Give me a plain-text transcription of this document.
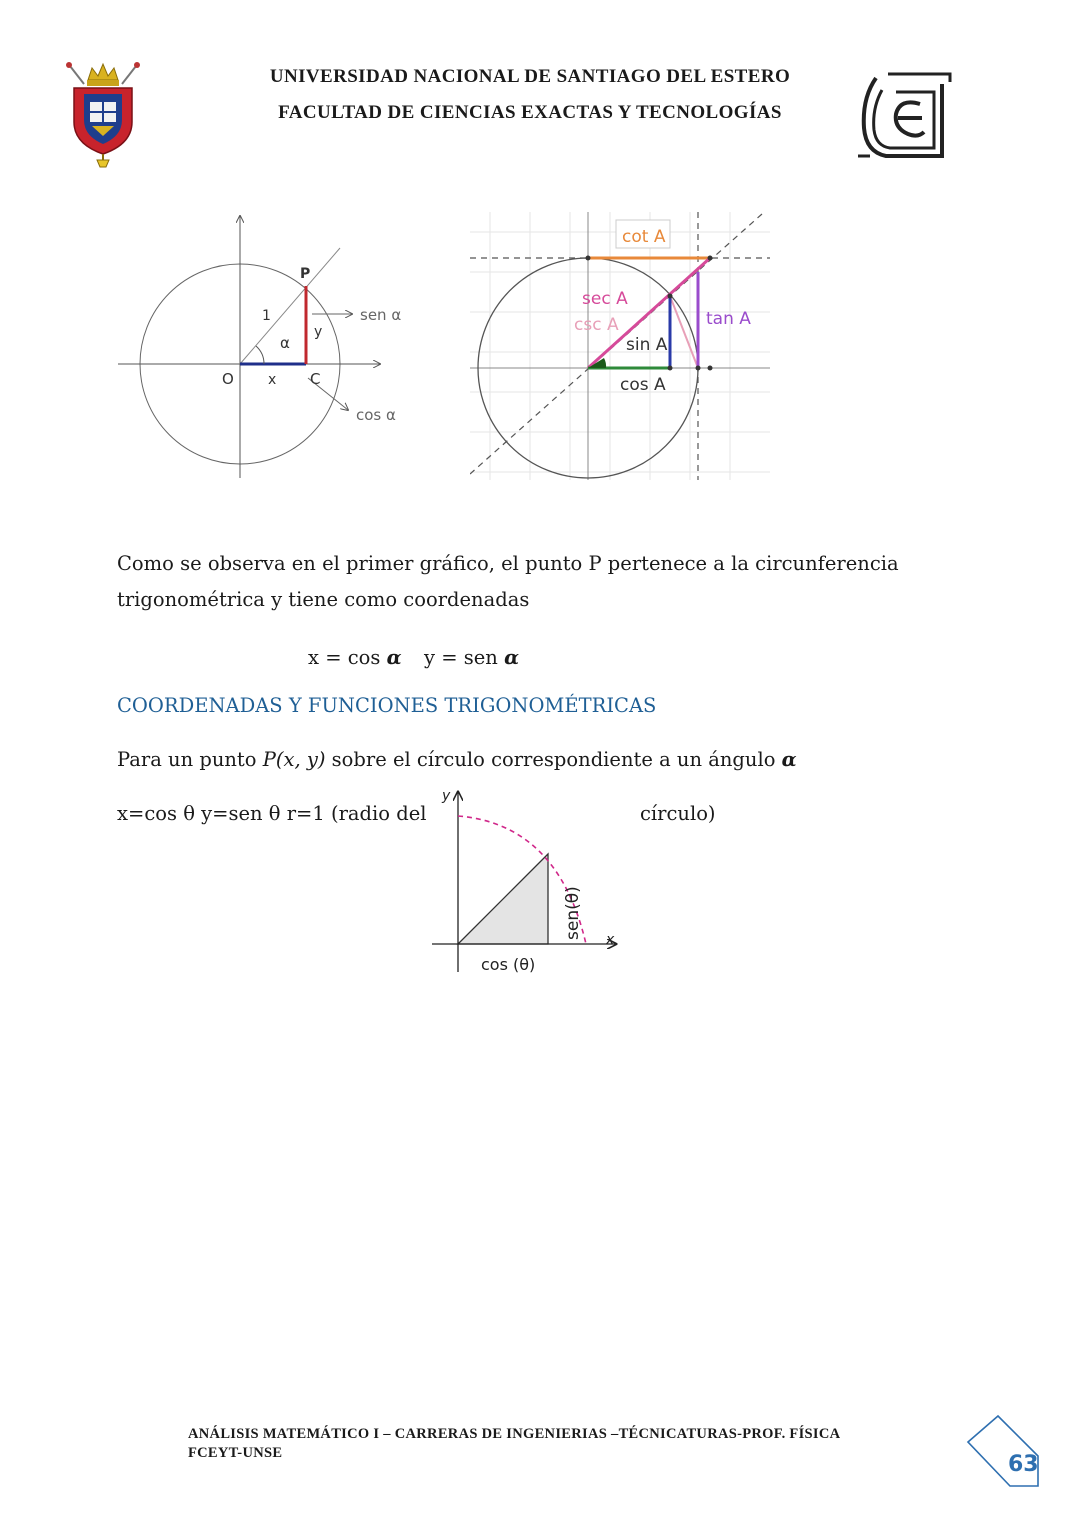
UNIVERSIDAD NACIONAL DE SANTIAGO DEL ESTERO
FACULTAD DE CIENCIAS EXACTAS Y TECNOLOGÍAS
P
1
α
y
O x C
sen α
cos α
cot A
sec A
csc A	tan A
sin A
cos A
Como se observa en el primer gráfico, el punto P pertenece a la circunferencia trigonométrica y tiene como coordenadas
x = cos α y = sen α
COORDENADAS Y FUNCIONES TRIGONOMÉTRICAS
Para un punto P(x, y) sobre el círculo correspondiente a un ángulo α
x=cos θ y=sen θ r=1 (radio del	círculo)
y
x
sen(θ)
cos (θ)
ANÁLISIS MATEMÁTICO I – CARRERAS DE INGENIERIAS –TÉCNICATURAS-PROF. FÍSICA
FCEYT-UNSE	63
